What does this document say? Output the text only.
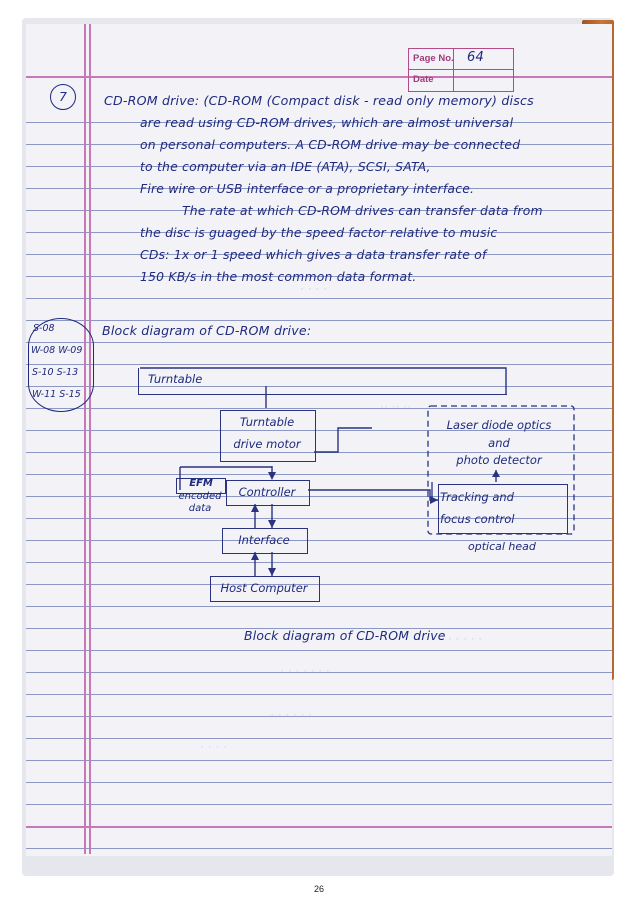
· · · ·
·· ·· ··
· · · · · ·
· · · · · · ·
· · · · · ·
· · · ·
Page No.
Date
64
7	CD-ROM drive: (CD-ROM (Compact disk - read only memory) discs
are read using CD-ROM drives, which are almost universal
on personal computers. A CD-ROM drive may be connected
to the computer via an IDE (ATA), SCSI, SATA,
Fire wire or USB interface or a proprietary interface.
The rate at which CD-ROM drives can transfer data from
the disc is guaged by the speed factor relative to music
CDs: 1x or 1 speed which gives a data transfer rate of
150 KB/s in the most common data format.
S-08
W-08 W-09
S-10 S-13
W-11 S-15
Block diagram of CD-ROM drive:
Turntable
Turntable
drive motor
Laser diode optics
and
photo detector
Tracking and
focus control
optical head
Controller
EFM
encoded
data
Interface
Host Computer
Block diagram of CD-ROM drive
26
